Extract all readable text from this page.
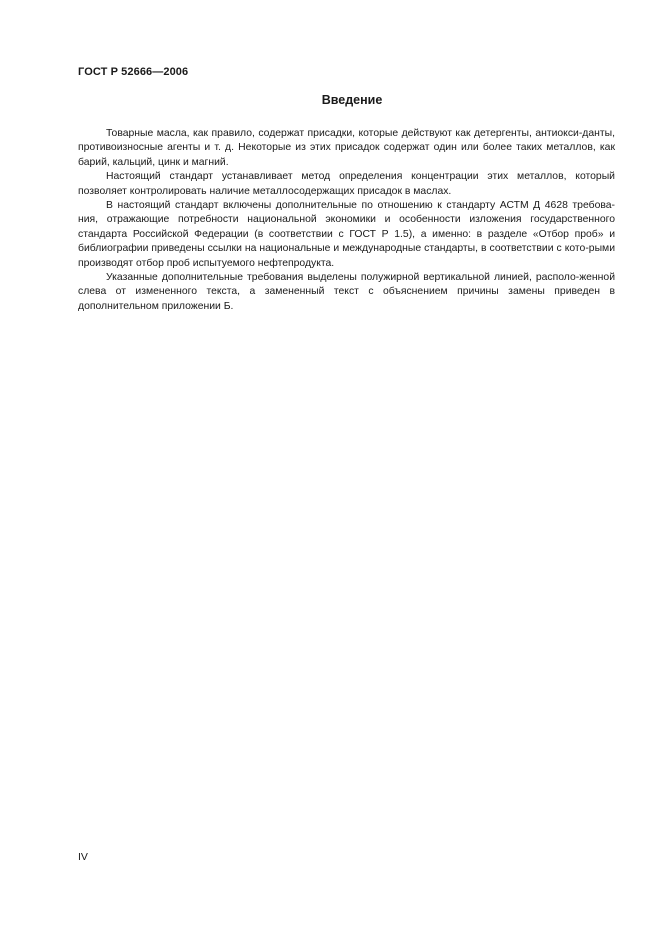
ГОСТ Р 52666—2006
Введение

Товарные масла, как правило, содержат присадки, которые действуют как детергенты, антиокси-данты, противоизносные агенты и т. д. Некоторые из этих присадок содержат один или более таких металлов, как барий, кальций, цинк и магний.

Настоящий стандарт устанавливает метод определения концентрации этих металлов, который позволяет контролировать наличие металлосодержащих присадок в маслах.

В настоящий стандарт включены дополнительные по отношению к стандарту АСТМ Д 4628 требова-ния, отражающие потребности национальной экономики и особенности изложения государственного стандарта Российской Федерации (в соответствии с ГОСТ Р 1.5), а именно: в разделе «Отбор проб» и библиографии приведены ссылки на национальные и международные стандарты, в соответствии с кото-рыми производят отбор проб испытуемого нефтепродукта.

Указанные дополнительные требования выделены полужирной вертикальной линией, располо-женной слева от измененного текста, а замененный текст с объяснением причины замены приведен в дополнительном приложении Б.

IV
